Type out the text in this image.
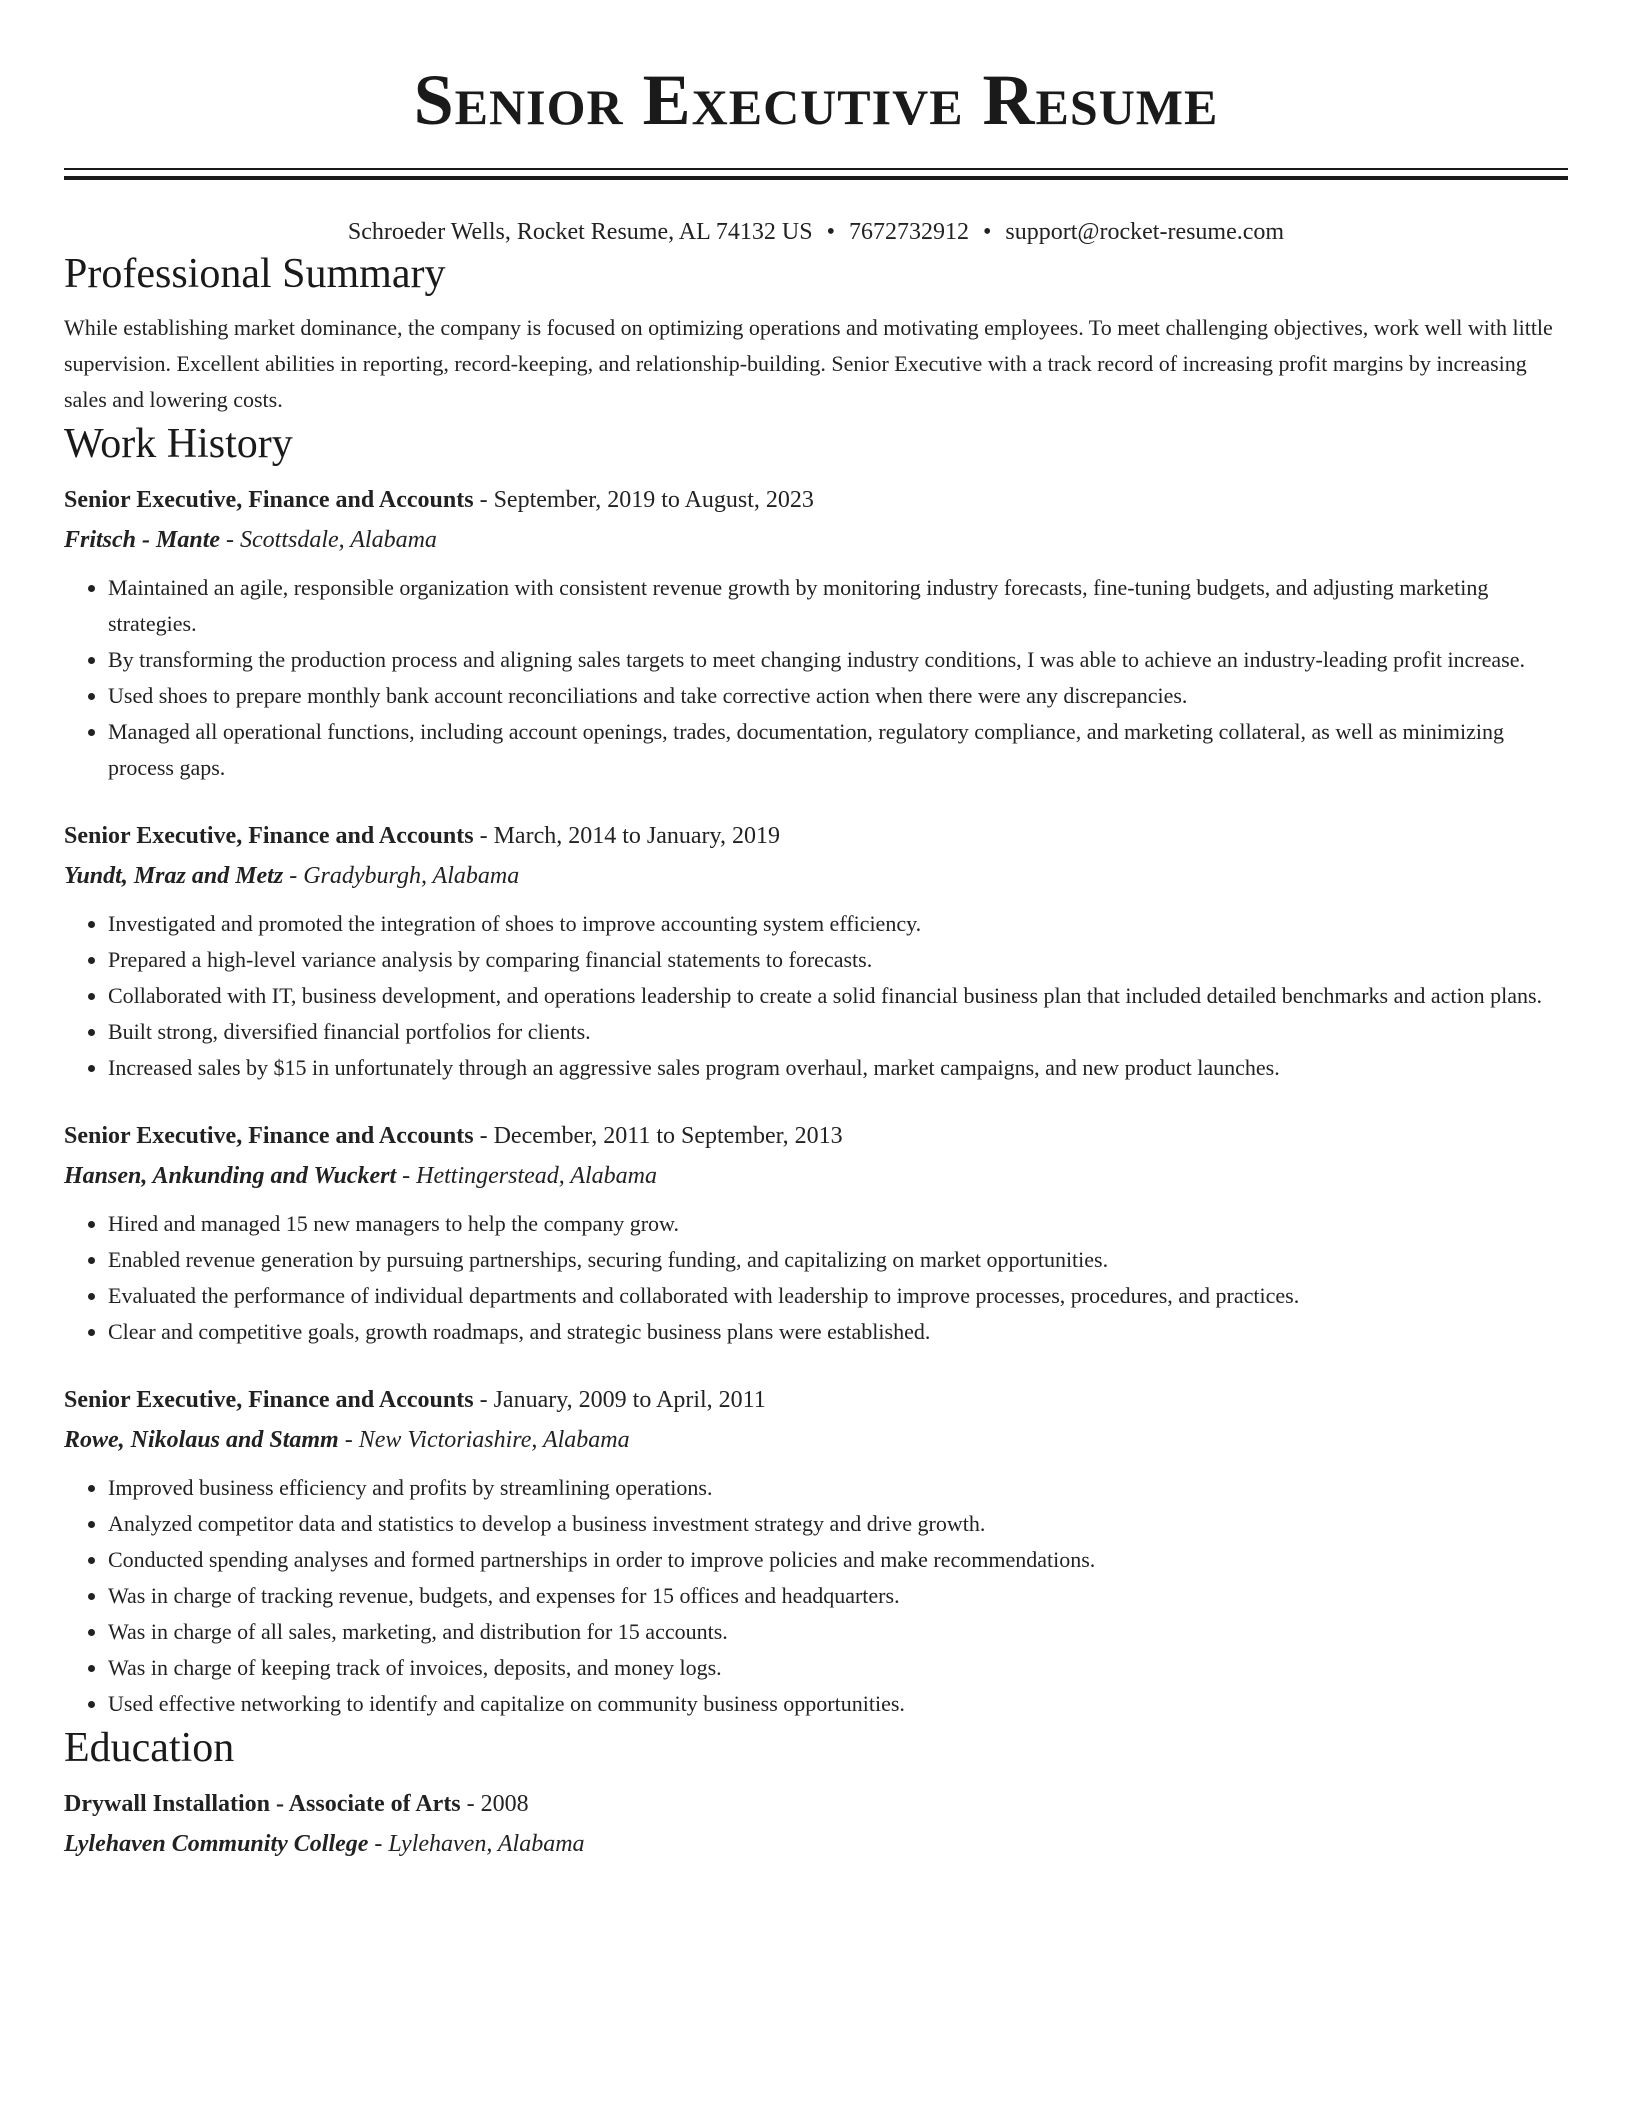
Senior Executive Resume
Schroeder Wells, Rocket Resume, AL 74132 US • 7672732912 • support@rocket-resume.com
Professional Summary
While establishing market dominance, the company is focused on optimizing operations and motivating employees. To meet challenging objectives, work well with little supervision. Excellent abilities in reporting, record-keeping, and relationship-building. Senior Executive with a track record of increasing profit margins by increasing sales and lowering costs.
Work History
Senior Executive, Finance and Accounts - September, 2019 to August, 2023
Fritsch - Mante - Scottsdale, Alabama
• Maintained an agile, responsible organization with consistent revenue growth by monitoring industry forecasts, fine-tuning budgets, and adjusting marketing strategies.
• By transforming the production process and aligning sales targets to meet changing industry conditions, I was able to achieve an industry-leading profit increase.
• Used shoes to prepare monthly bank account reconciliations and take corrective action when there were any discrepancies.
• Managed all operational functions, including account openings, trades, documentation, regulatory compliance, and marketing collateral, as well as minimizing process gaps.
Senior Executive, Finance and Accounts - March, 2014 to January, 2019
Yundt, Mraz and Metz - Gradyburgh, Alabama
• Investigated and promoted the integration of shoes to improve accounting system efficiency.
• Prepared a high-level variance analysis by comparing financial statements to forecasts.
• Collaborated with IT, business development, and operations leadership to create a solid financial business plan that included detailed benchmarks and action plans.
• Built strong, diversified financial portfolios for clients.
• Increased sales by $15 in unfortunately through an aggressive sales program overhaul, market campaigns, and new product launches.
Senior Executive, Finance and Accounts - December, 2011 to September, 2013
Hansen, Ankunding and Wuckert - Hettingerstead, Alabama
• Hired and managed 15 new managers to help the company grow.
• Enabled revenue generation by pursuing partnerships, securing funding, and capitalizing on market opportunities.
• Evaluated the performance of individual departments and collaborated with leadership to improve processes, procedures, and practices.
• Clear and competitive goals, growth roadmaps, and strategic business plans were established.
Senior Executive, Finance and Accounts - January, 2009 to April, 2011
Rowe, Nikolaus and Stamm - New Victoriashire, Alabama
• Improved business efficiency and profits by streamlining operations.
• Analyzed competitor data and statistics to develop a business investment strategy and drive growth.
• Conducted spending analyses and formed partnerships in order to improve policies and make recommendations.
• Was in charge of tracking revenue, budgets, and expenses for 15 offices and headquarters.
• Was in charge of all sales, marketing, and distribution for 15 accounts.
• Was in charge of keeping track of invoices, deposits, and money logs.
• Used effective networking to identify and capitalize on community business opportunities.
Education
Drywall Installation - Associate of Arts - 2008
Lylehaven Community College - Lylehaven, Alabama
